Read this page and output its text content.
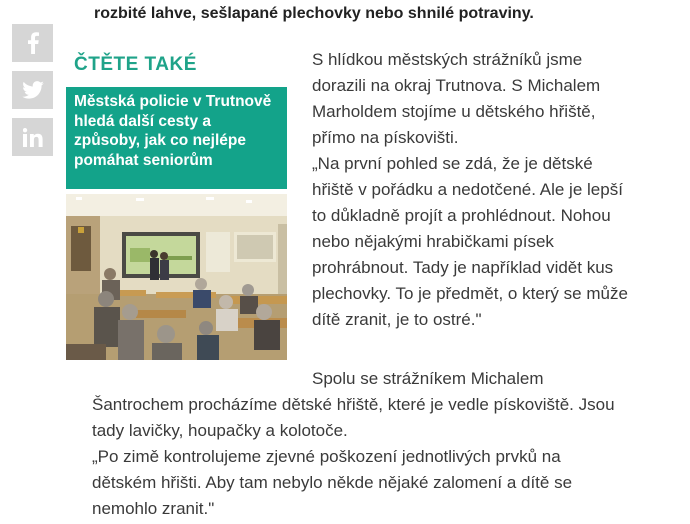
rozbité lahve, sešlapané plechovky nebo shnilé potraviny.
ČTĚTE TAKÉ
Městská policie v Trutnově hledá další cesty a způsoby, jak co nejlépe pomáhat seniorům
S hlídkou městských strážníků jsme
dorazili na okraj Trutnova. S Michalem
Marholdem stojíme u dětského hřiště,
přímo na pískovišti.
„Na první pohled se zdá, že je dětské
hřiště v pořádku a nedotčené. Ale je lepší
to důkladně projít a prohlédnout. Nohou
nebo nějakými hrabičkami písek
prohrábnout. Tady je například vidět kus
plechovky. To je předmět, o který se může
dítě zranit, je to ostré."
Spolu se strážníkem Michalem
Šantrochem procházíme dětské hřiště, které je vedle pískoviště. Jsou
tady lavičky, houpačky a kolotoče.
„Po zimě kontrolujeme zjevné poškození jednotlivých prvků na
dětském hřišti. Aby tam nebylo někde nějaké zalomení a dítě se
nemohlo zranit."
